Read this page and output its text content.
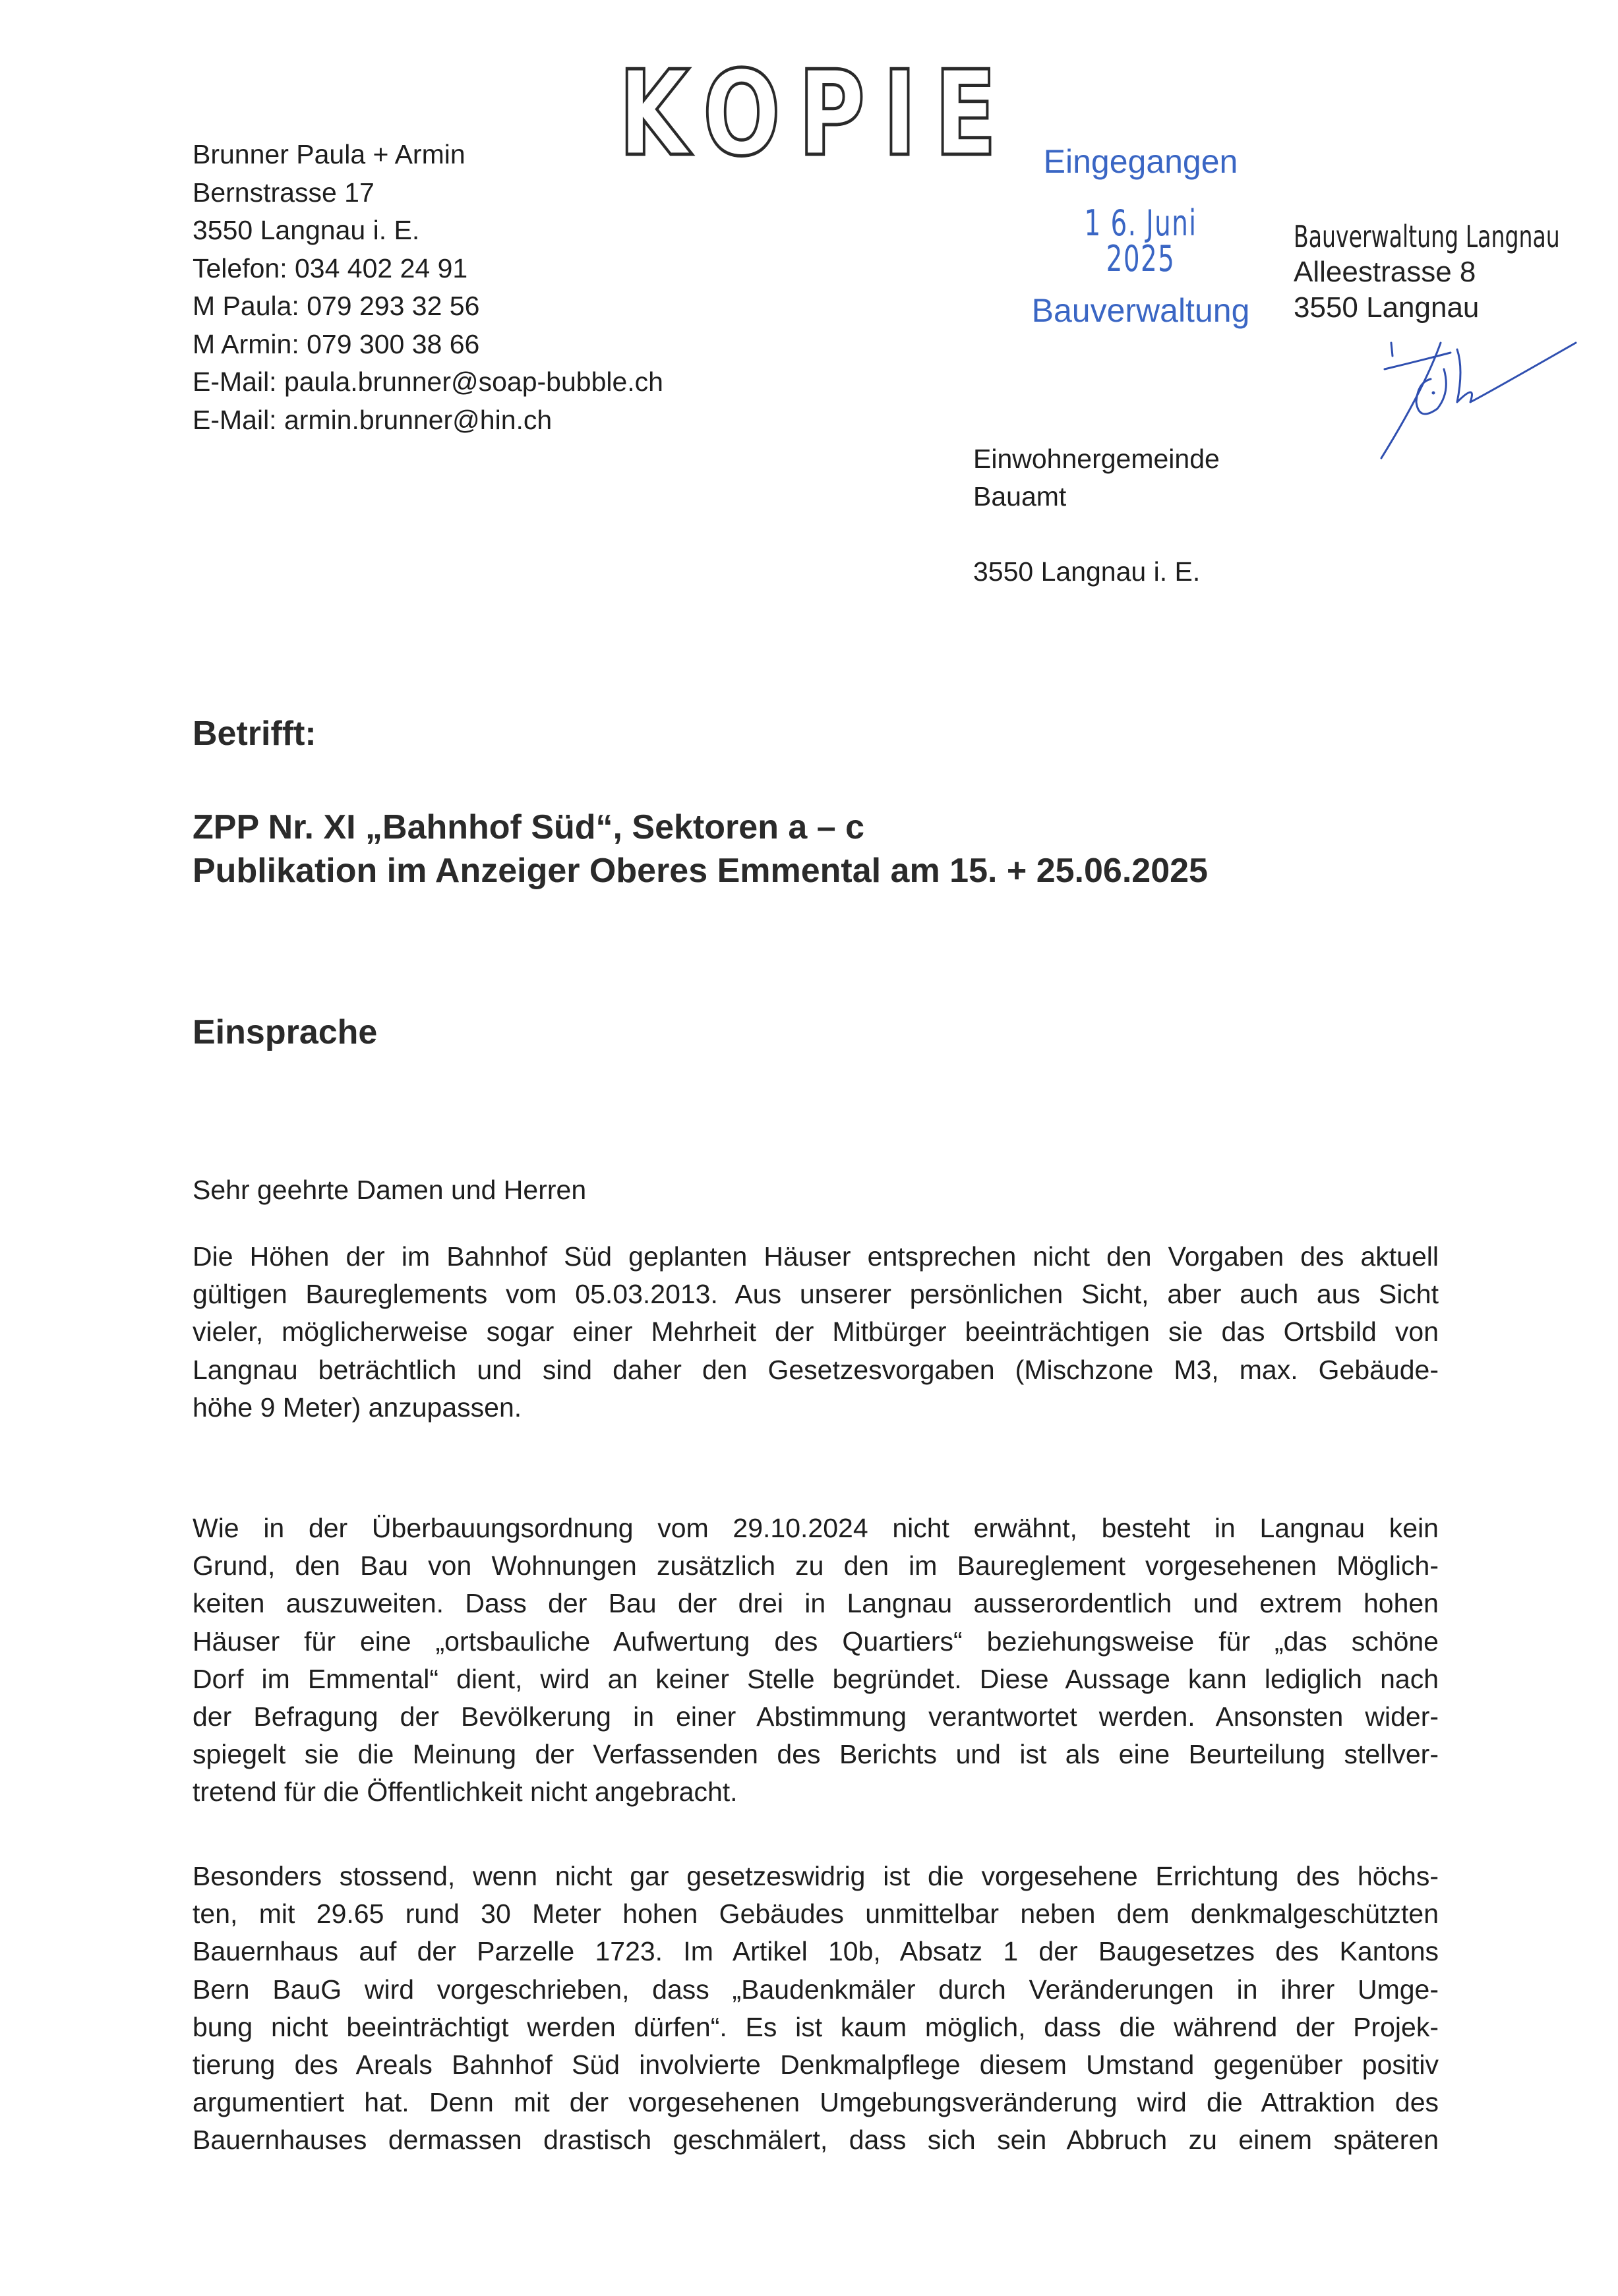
KOPIE
Brunner Paula + Armin
Bernstrasse 17
3550 Langnau i. E.
Telefon: 034 402 24 91
M Paula: 079 293 32 56
M Armin: 079 300 38 66
E-Mail: paula.brunner@soap-bubble.ch
E-Mail: armin.brunner@hin.ch
Eingegangen
1 6. Juni 2025
Bauverwaltung
Bauverwaltung Langnau
Alleestrasse 8
3550 Langnau
Einwohnergemeinde
Bauamt
3550 Langnau i. E.
Betrifft:
ZPP Nr. XI „Bahnhof Süd“, Sektoren a – c
Publikation im Anzeiger Oberes Emmental am 15. + 25.06.2025
Einsprache
Sehr geehrte Damen und Herren
Die Höhen der im Bahnhof Süd geplanten Häuser entsprechen nicht den Vorgaben des aktuell
gültigen Baureglements vom 05.03.2013. Aus unserer persönlichen Sicht, aber auch aus Sicht
vieler, möglicherweise sogar einer Mehrheit der Mitbürger beeinträchtigen sie das Ortsbild von
Langnau beträchtlich und sind daher den Gesetzesvorgaben (Mischzone M3, max. Gebäude-
höhe 9 Meter) anzupassen.
Wie in der Überbauungsordnung vom 29.10.2024 nicht erwähnt, besteht in Langnau kein
Grund, den Bau von Wohnungen zusätzlich zu den im Baureglement vorgesehenen Möglich-
keiten auszuweiten. Dass der Bau der drei in Langnau ausserordentlich und extrem hohen
Häuser für eine „ortsbauliche Aufwertung des Quartiers“ beziehungsweise für „das schöne
Dorf im Emmental“ dient, wird an keiner Stelle begründet. Diese Aussage kann lediglich nach
der Befragung der Bevölkerung in einer Abstimmung verantwortet werden. Ansonsten wider-
spiegelt sie die Meinung der Verfassenden des Berichts und ist als eine Beurteilung stellver-
tretend für die Öffentlichkeit nicht angebracht.
Besonders stossend, wenn nicht gar gesetzeswidrig ist die vorgesehene Errichtung des höchs-
ten, mit 29.65 rund 30 Meter hohen Gebäudes unmittelbar neben dem denkmalgeschützten
Bauernhaus auf der Parzelle 1723. Im Artikel 10b, Absatz 1 der Baugesetzes des Kantons
Bern BauG wird vorgeschrieben, dass „Baudenkmäler durch Veränderungen in ihrer Umge-
bung nicht beeinträchtigt werden dürfen“. Es ist kaum möglich, dass die während der Projek-
tierung des Areals Bahnhof Süd involvierte Denkmalpflege diesem Umstand gegenüber positiv
argumentiert hat. Denn mit der vorgesehenen Umgebungsveränderung wird die Attraktion des
Bauernhauses dermassen drastisch geschmälert, dass sich sein Abbruch zu einem späteren
